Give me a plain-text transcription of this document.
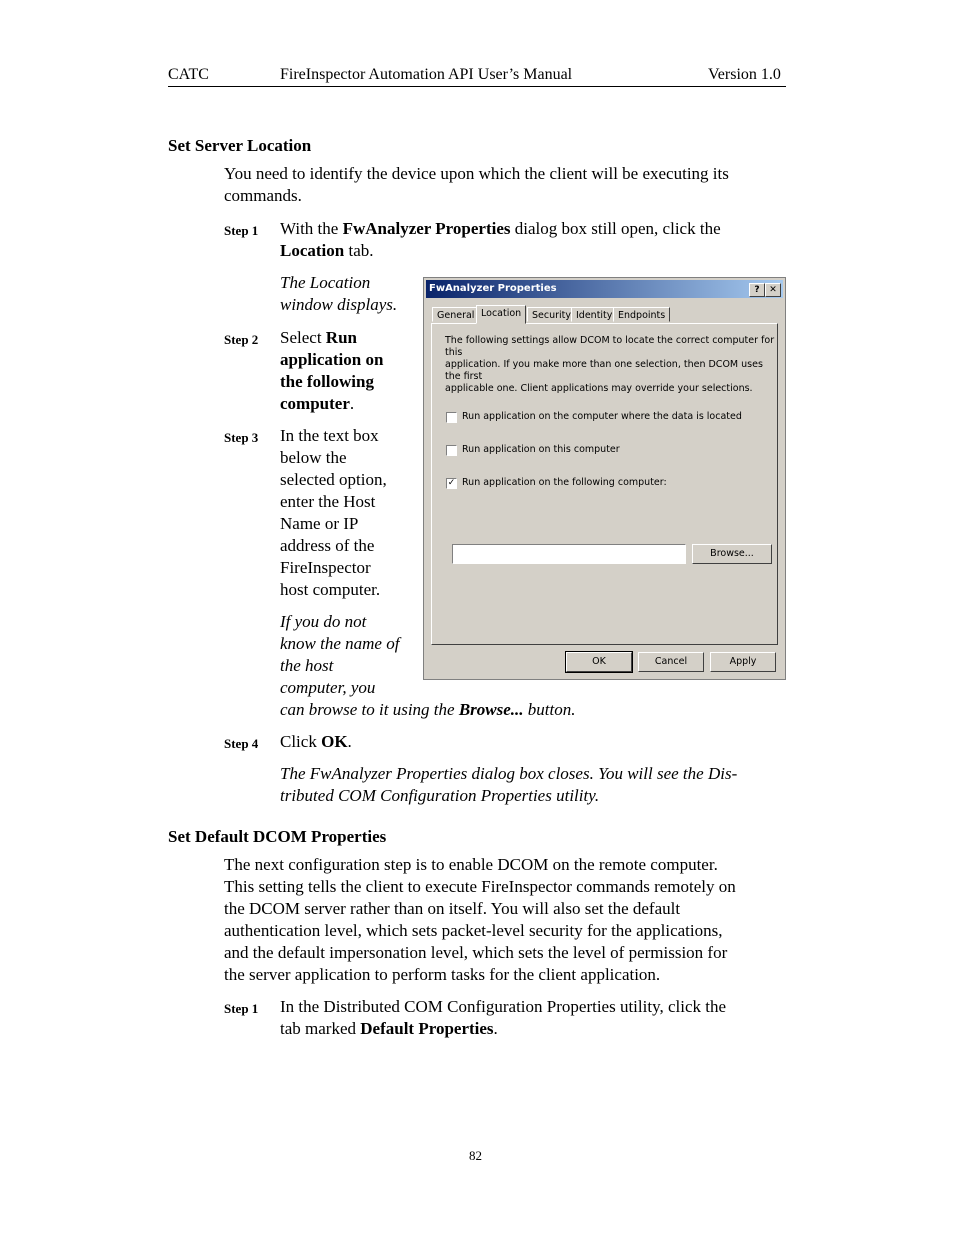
CATC	FireInspector Automation API User’s Manual	Version 1.0
Set Server Location
You need to identify the device upon which the client will be executing its
commands.
Step 1 With the FwAnalyzer Properties dialog box still open, click the
Location tab.
The Location
window displays.
Step 2 Select Run
application on
the following
computer.
Step 3 In the text box
below the
selected option,
enter the Host
Name or IP
address of the
FireInspector
host computer.
If you do not
know the name of
the host
computer, you
can browse to it using the Browse... button.
Step 4 Click OK.
The FwAnalyzer Properties dialog box closes. You will see the Dis-
tributed COM Configuration Properties utility.
Set Default DCOM Properties
The next configuration step is to enable DCOM on the remote computer.
This setting tells the client to execute FireInspector commands remotely on
the DCOM server rather than on itself. You will also set the default
authentication level, which sets packet-level security for the applications,
and the default impersonation level, which sets the level of permission for
the server application to perform tasks for the client application.
Step 1 In the Distributed COM Configuration Properties utility, click the
tab marked Default Properties.
82
FwAnalyzer Properties	?	✕
General Location	Security Identity Endpoints
The following settings allow DCOM to locate the correct computer for this
application. If you make more than one selection, then DCOM uses the first
applicable one. Client applications may override your selections.
Run application on the computer where the data is located
Run application on this computer
✓ Run application on the following computer:
Browse...
OK	Cancel	Apply
